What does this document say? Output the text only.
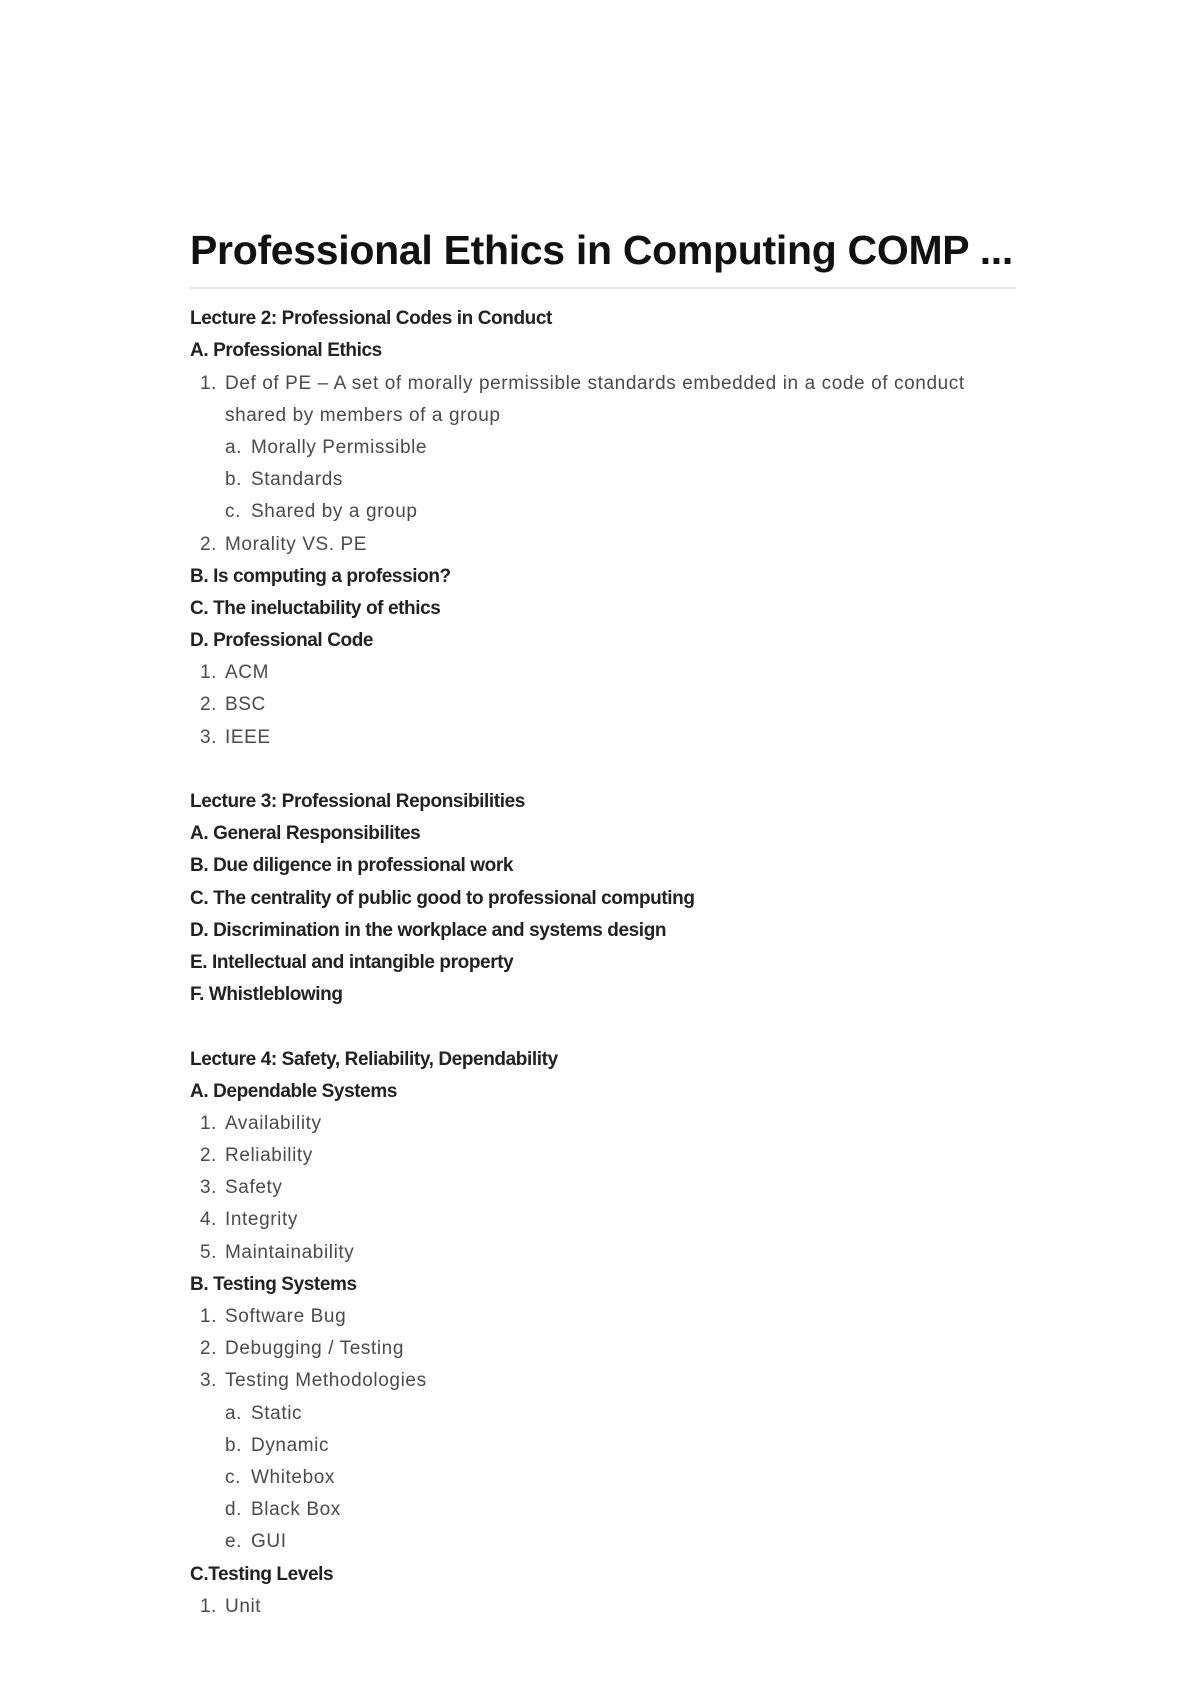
Professional Ethics in Computing COMP ...
Lecture 2: Professional Codes in Conduct
A. Professional Ethics
1. Def of PE – A set of morally permissible standards embedded in a code of conduct shared by members of a group
a. Morally Permissible
b. Standards
c. Shared by a group
2. Morality VS. PE
B. Is computing a profession?
C. The ineluctability of ethics
D. Professional Code
1. ACM
2. BSC
3. IEEE
Lecture 3: Professional Reponsibilities
A. General Responsibilites
B. Due diligence in professional work
C. The centrality of public good to professional computing
D. Discrimination in the workplace and systems design
E. Intellectual and intangible property
F. Whistleblowing
Lecture 4: Safety, Reliability, Dependability
A. Dependable Systems
1. Availability
2. Reliability
3. Safety
4. Integrity
5. Maintainability
B. Testing Systems
1. Software Bug
2. Debugging / Testing
3. Testing Methodologies
a. Static
b. Dynamic
c. Whitebox
d. Black Box
e. GUI
C.Testing Levels
1. Unit
